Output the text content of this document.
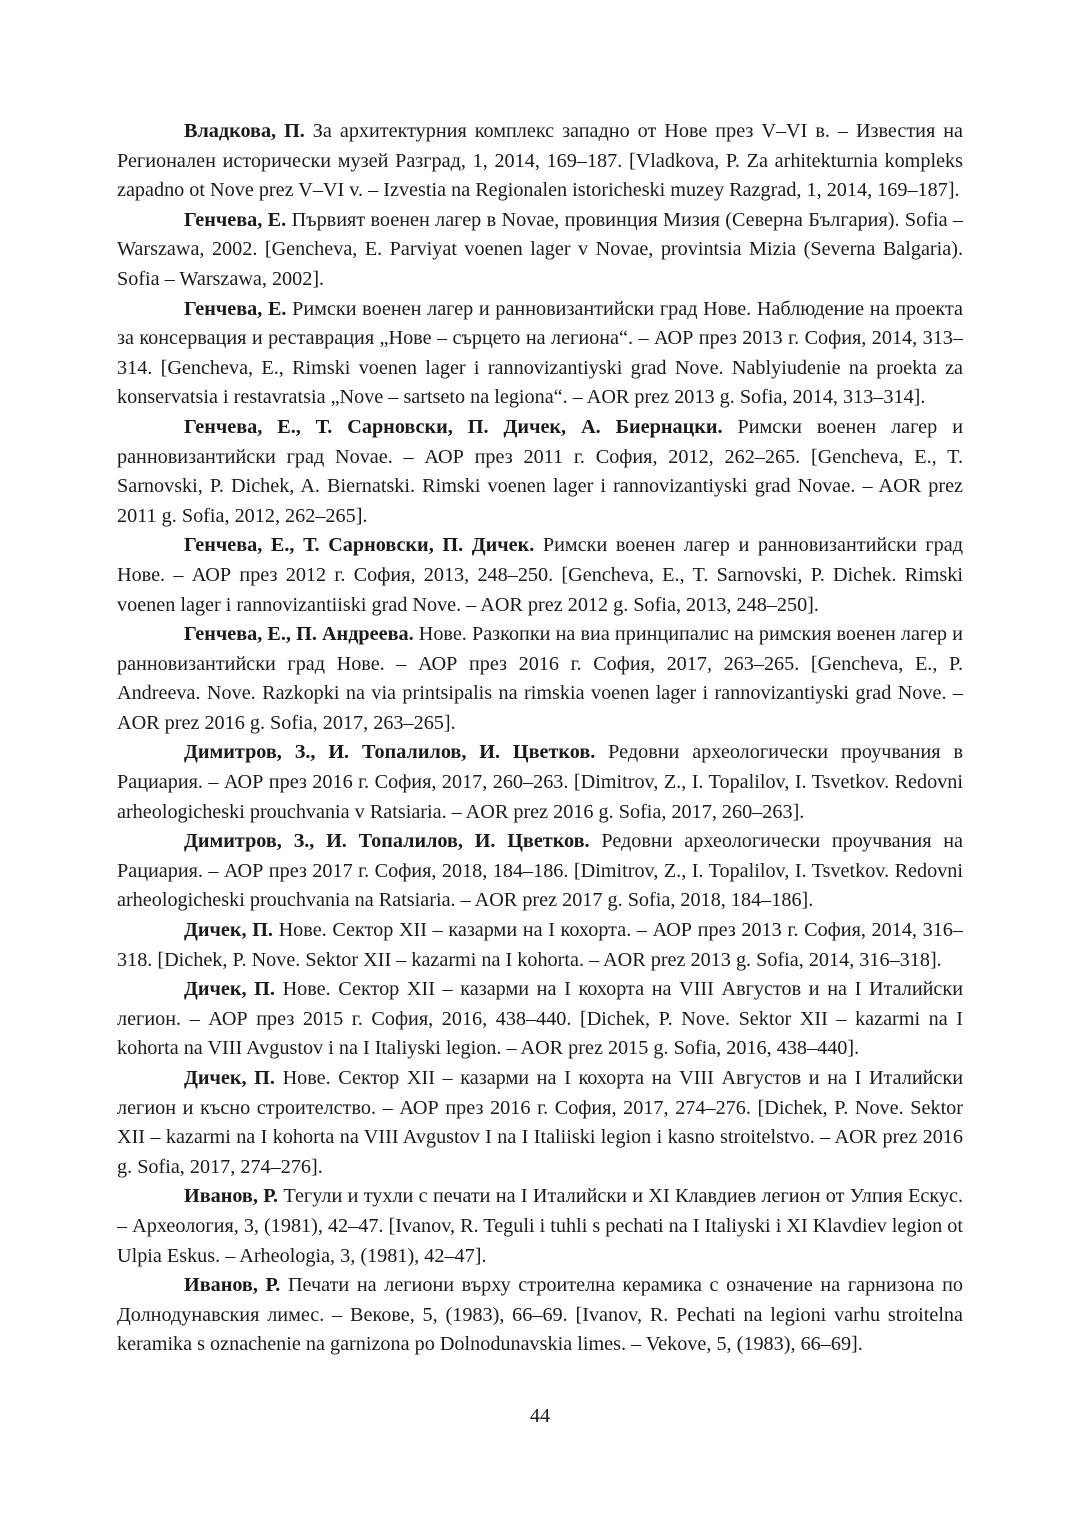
Владкова, П. За архитектурния комплекс западно от Нове през V–VI в. – Известия на Регионален исторически музей Разград, 1, 2014, 169–187. [Vladkova, P. Za arhitekturnia kompleks zapadno ot Nove prez V–VI v. – Izvestia na Regionalen istoricheski muzey Razgrad, 1, 2014, 169–187].

Генчева, Е. Първият военен лагер в Novae, провинция Мизия (Северна България). Sofia – Warszawa, 2002. [Gencheva, E. Parviyat voenen lager v Novae, provintsia Mizia (Severna Balgaria). Sofia – Warszawa, 2002].

Генчева, Е. Римски военен лагер и ранновизантийски град Нове. Наблюдение на проекта за консервация и реставрация „Нове – сърцето на легиона“. – АОР през 2013 г. София, 2014, 313–314. [Gencheva, E., Rimski voenen lager i rannovizantiyski grad Nove. Nablyiudenie na proekta za konservatsia i restavratsia „Nove – sartseto na legiona“. – AOR prez 2013 g. Sofia, 2014, 313–314].

Генчева, Е., Т. Сарновски, П. Дичек, А. Биернацки. Римски военен лагер и ранновизантийски град Novae. – АОР през 2011 г. София, 2012, 262–265. [Gencheva, E., T. Sarnovski, P. Dichek, A. Biernatski. Rimski voenen lager i rannovizantiyski grad Novae. – AOR prez 2011 g. Sofia, 2012, 262–265].

Генчева, Е., Т. Сарновски, П. Дичек. Римски военен лагер и ранновизантийски град Нове. – АОР през 2012 г. София, 2013, 248–250. [Gencheva, E., T. Sarnovski, P. Dichek. Rimski voenen lager i rannovizantiiski grad Nove. – AOR prez 2012 g. Sofia, 2013, 248–250].

Генчева, Е., П. Андреева. Нове. Разкопки на виа принципалис на римския военен лагер и ранновизантийски град Нове. – АОР през 2016 г. София, 2017, 263–265. [Gencheva, E., P. Andreeva. Nove. Razkopki na via printsipalis na rimskia voenen lager i rannovizantiyski grad Nove. – AOR prez 2016 g. Sofia, 2017, 263–265].

Димитров, З., И. Топалилов, И. Цветков. Редовни археологически проучвания в Рациария. – АОР през 2016 г. София, 2017, 260–263. [Dimitrov, Z., I. Topalilov, I. Tsvetkov. Redovni arheologicheski prouchvania v Ratsiaria. – AOR prez 2016 g. Sofia, 2017, 260–263].

Димитров, З., И. Топалилов, И. Цветков. Редовни археологически проучвания на Рациария. – АОР през 2017 г. София, 2018, 184–186. [Dimitrov, Z., I. Topalilov, I. Tsvetkov. Redovni arheologicheski prouchvania na Ratsiaria. – AOR prez 2017 g. Sofia, 2018, 184–186].

Дичек, П. Нове. Сектор XII – казарми на I кохорта. – АОР през 2013 г. София, 2014, 316–318. [Dichek, P. Nove. Sektor XII – kazarmi na I kohorta. – AOR prez 2013 g. Sofia, 2014, 316–318].

Дичек, П. Нове. Сектор XII – казарми на I кохорта на VIII Августов и на I Италийски легион. – АОР през 2015 г. София, 2016, 438–440. [Dichek, P. Nove. Sektor XII – kazarmi na I kohorta na VIII Avgustov i na I Italiyski legion. – AOR prez 2015 g. Sofia, 2016, 438–440].

Дичек, П. Нове. Сектор XII – казарми на I кохорта на VIII Августов и на I Италийски легион и късно строителство. – АОР през 2016 г. София, 2017, 274–276. [Dichek, P. Nove. Sektor XII – kazarmi na I kohorta na VIII Avgustov I na I Italiiski legion i kasno stroitelstvo. – AOR prez 2016 g. Sofia, 2017, 274–276].

Иванов, Р. Тегули и тухли с печати на I Италийски и XI Клавдиев легион от Улпия Ескус. – Археология, 3, (1981), 42–47. [Ivanov, R. Teguli i tuhli s pechati na I Italiyski i XI Klavdiev legion ot Ulpia Eskus. – Arheologia, 3, (1981), 42–47].

Иванов, Р. Печати на легиони върху строителна керамика с означение на гарнизона по Долнодунавския лимес. – Векове, 5, (1983), 66–69. [Ivanov, R. Pechati na legioni varhu stroitelna keramika s oznachenie na garnizona po Dolnodunavskia limes. – Vekove, 5, (1983), 66–69].

44
